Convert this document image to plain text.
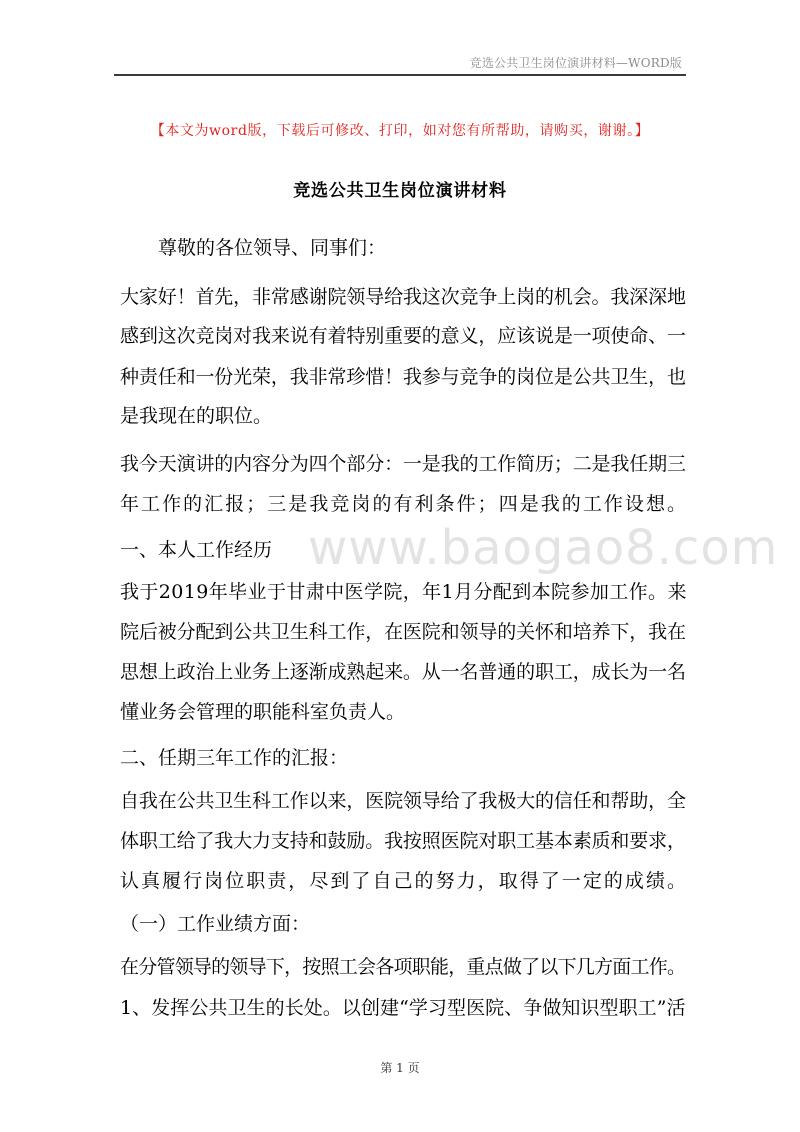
竞选公共卫生岗位演讲材料—WORD版
【本文为word版，下载后可修改、打印，如对您有所帮助，请购买，谢谢。】
竞选公共卫生岗位演讲材料
www.baogao8.com
　　尊敬的各位领导、同事们：
大家好！首先，非常感谢院领导给我这次竞争上岗的机会。我深深地
感到这次竞岗对我来说有着特别重要的意义，应该说是一项使命、一
种责任和一份光荣，我非常珍惜！我参与竞争的岗位是公共卫生，也
是我现在的职位。
我今天演讲的内容分为四个部分：一是我的工作简历；二是我任期三
年工作的汇报；三是我竞岗的有利条件；四是我的工作设想。
一、本人工作经历
我于2019年毕业于甘肃中医学院，年1月分配到本院参加工作。来
院后被分配到公共卫生科工作，在医院和领导的关怀和培养下，我在
思想上政治上业务上逐渐成熟起来。从一名普通的职工，成长为一名
懂业务会管理的职能科室负责人。
二、任期三年工作的汇报：
自我在公共卫生科工作以来，医院领导给了我极大的信任和帮助，全
体职工给了我大力支持和鼓励。我按照医院对职工基本素质和要求，
认真履行岗位职责，尽到了自己的努力，取得了一定的成绩。
（一）工作业绩方面：
在分管领导的领导下，按照工会各项职能，重点做了以下几方面工作。
1、发挥公共卫生的长处。以创建“学习型医院、争做知识型职工”活
第 1 页
